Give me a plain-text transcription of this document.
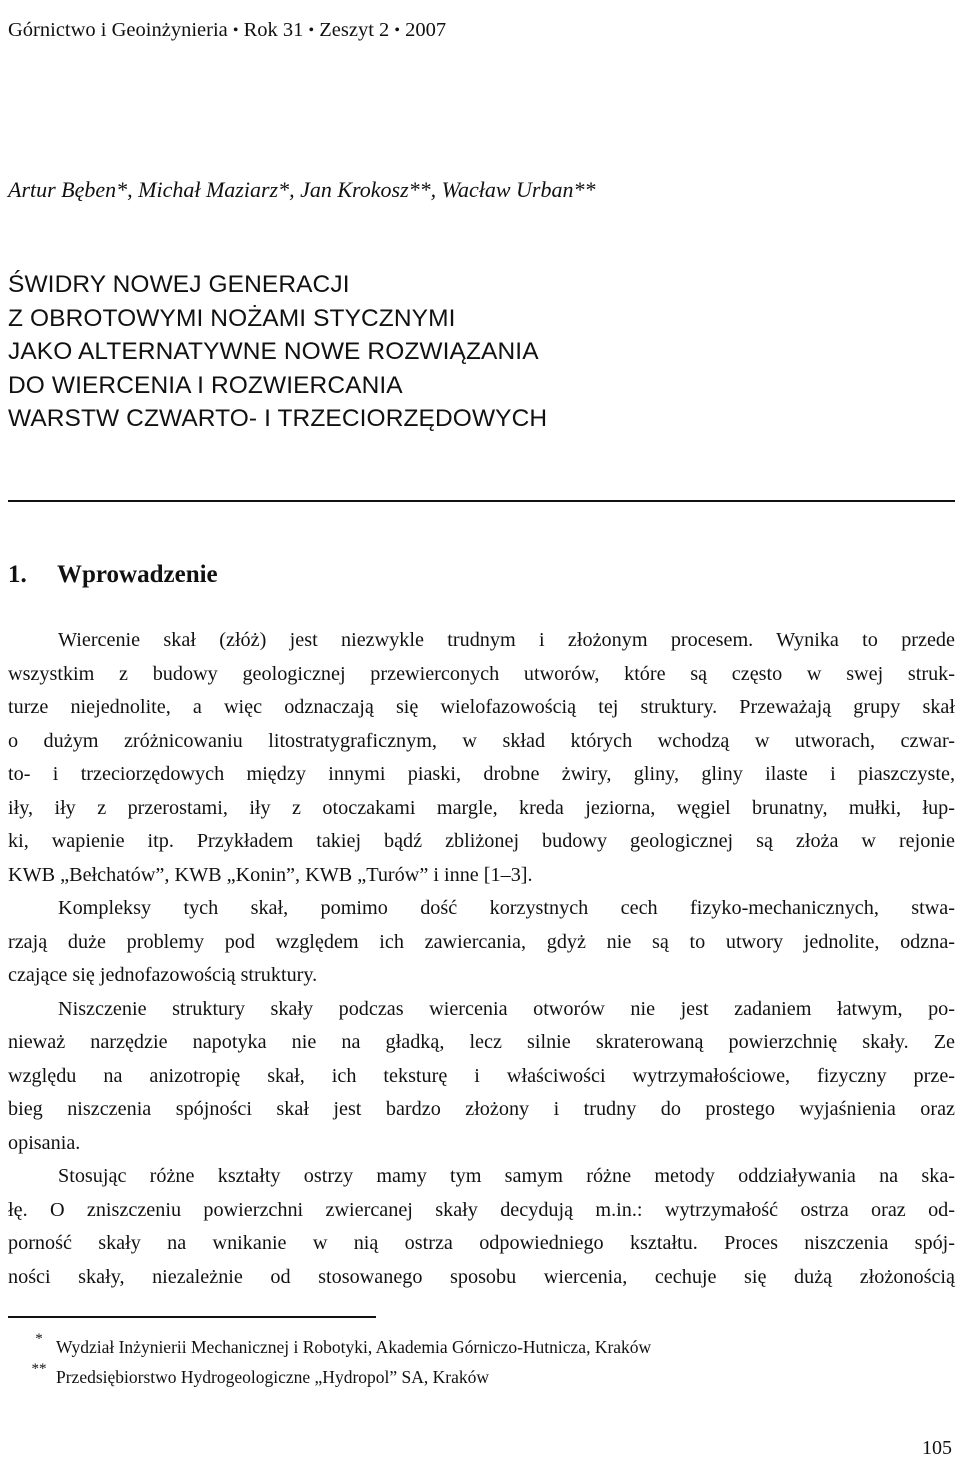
Górnictwo i Geoinżynieria • Rok 31 • Zeszyt 2 • 2007
Artur Bęben*, Michał Maziarz*, Jan Krokosz**, Wacław Urban**
ŚWIDRY NOWEJ GENERACJI
Z OBROTOWYMI NOŻAMI STYCZNYMI
JAKO ALTERNATYWNE NOWE ROZWIĄZANIA
DO WIERCENIA I ROZWIERCANIA
WARSTW CZWARTO- I TRZECIORZĘDOWYCH
1. Wprowadzenie
Wiercenie skał (złóż) jest niezwykle trudnym i złożonym procesem. Wynika to przede
wszystkim z budowy geologicznej przewierconych utworów, które są często w swej struk-
turze niejednolite, a więc odznaczają się wielofazowością tej struktury. Przeważają grupy skał
o dużym zróżnicowaniu litostratygraficznym, w skład których wchodzą w utworach, czwar-
to- i trzeciorzędowych między innymi piaski, drobne żwiry, gliny, gliny ilaste i piaszczyste,
iły, iły z przerostami, iły z otoczakami margle, kreda jeziorna, węgiel brunatny, mułki, łup-
ki, wapienie itp. Przykładem takiej bądź zbliżonej budowy geologicznej są złoża w rejonie
KWB „Bełchatów”, KWB „Konin”, KWB „Turów” i inne [1–3].
Kompleksy tych skał, pomimo dość korzystnych cech fizyko-mechanicznych, stwa-
rzają duże problemy pod względem ich zawiercania, gdyż nie są to utwory jednolite, odzna-
czające się jednofazowością struktury.
Niszczenie struktury skały podczas wiercenia otworów nie jest zadaniem łatwym, po-
nieważ narzędzie napotyka nie na gładką, lecz silnie skraterowaną powierzchnię skały. Ze
względu na anizotropię skał, ich teksturę i właściwości wytrzymałościowe, fizyczny prze-
bieg niszczenia spójności skał jest bardzo złożony i trudny do prostego wyjaśnienia oraz
opisania.
Stosując różne kształty ostrzy mamy tym samym różne metody oddziaływania na ska-
łę. O zniszczeniu powierzchni zwiercanej skały decydują m.in.: wytrzymałość ostrza oraz od-
porność skały na wnikanie w nią ostrza odpowiedniego kształtu. Proces niszczenia spój-
ności skały, niezależnie od stosowanego sposobu wiercenia, cechuje się dużą złożonością
* Wydział Inżynierii Mechanicznej i Robotyki, Akademia Górniczo-Hutnicza, Kraków
** Przedsiębiorstwo Hydrogeologiczne „Hydropol” SA, Kraków
105
